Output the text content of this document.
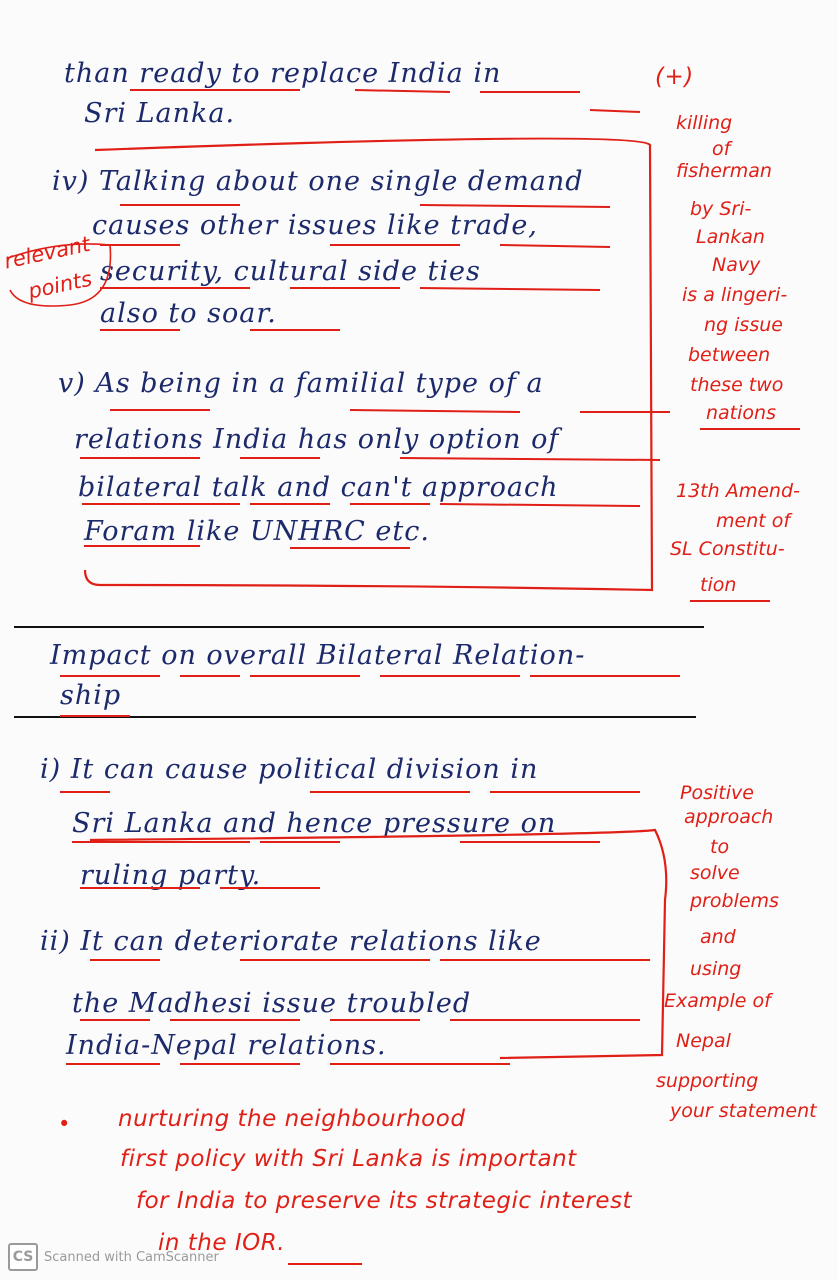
than ready to replace India in	(+)
Sri Lanka.
iv) Talking about one single demand
causes other issues like trade,
security, cultural side ties
also to soar.
v) As being in a familial type of a
relations India has only option of
bilateral talk and can't approach
Foram like UNHRC etc.
Impact on overall Bilateral Relation-
ship
i) It can cause political division in
Sri Lanka and hence pressure on
ruling party.
ii) It can deteriorate relations like
the Madhesi issue troubled
India-Nepal relations.
relevant
points
killing
of
fisherman
by Sri-
Lankan
Navy
is a lingeri-
ng issue
between
these two
nations
13th Amend-
ment of
SL Constitu-
tion
Positive
approach
to
solve
problems
and
using
Example of
Nepal
supporting
your statement
• nurturing the neighbourhood
first policy with Sri Lanka is important
for India to preserve its strategic interest
in the IOR.
CS Scanned with CamScanner
